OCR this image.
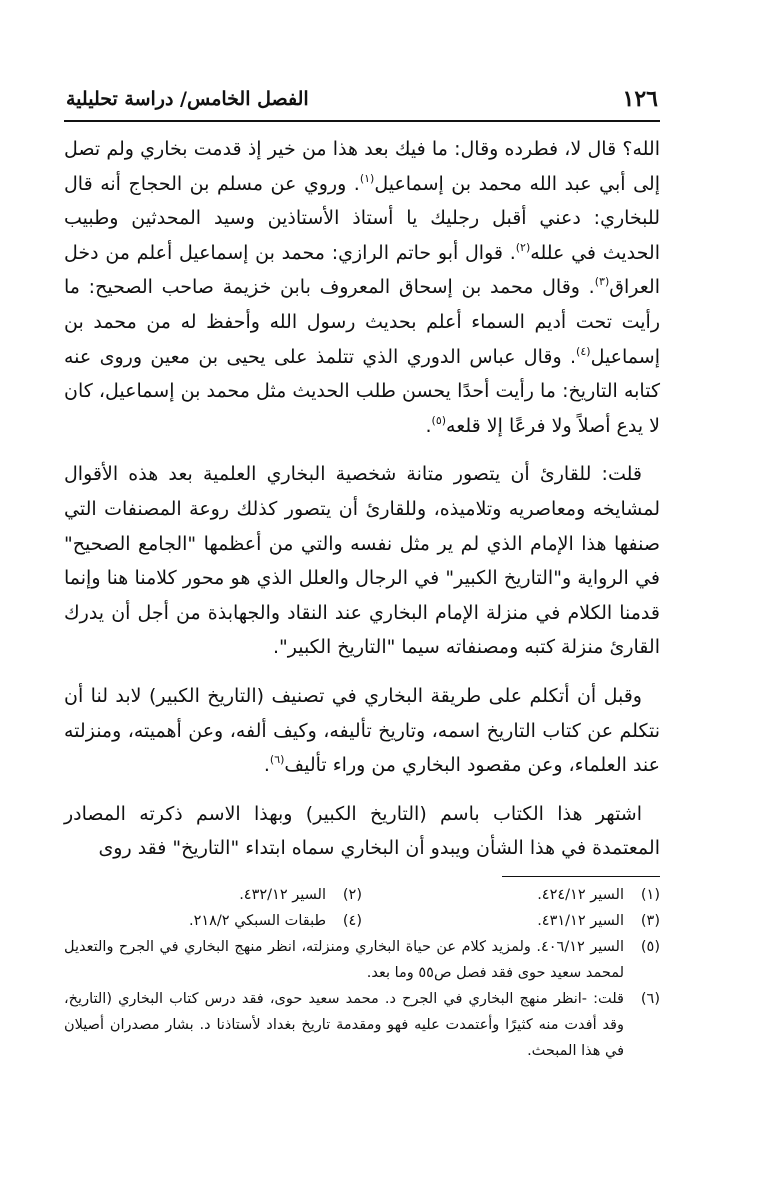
١٢٦
الفصل الخامس/ دراسة تحليلية

الله؟ قال لا، فطرده وقال: ما فيك بعد هذا من خير إذ قدمت بخاري ولم تصل إلى أبي عبد الله محمد بن إسماعيل$^{(١)}$. وروي عن مسلم بن الحجاج أنه قال للبخاري: دعني أقبل رجليك يا أستاذ الأستاذين وسيد المحدثين وطبيب الحديث في علله$^{(٢)}$. قوال أبو حاتم الرازي: محمد بن إسماعيل أعلم من دخل العراق$^{(٣)}$. وقال محمد بن إسحاق المعروف بابن خزيمة صاحب الصحيح: ما رأيت تحت أديم السماء أعلم بحديث رسول الله وأحفظ له من محمد بن إسماعيل$^{(٤)}$. وقال عباس الدوري الذي تتلمذ على يحيى بن معين وروى عنه كتابه التاريخ: ما رأيت أحدًا يحسن طلب الحديث مثل محمد بن إسماعيل، كان لا يدع أصلاً ولا فرعًا إلا قلعه$^{(٥)}$.

قلت: للقارئ أن يتصور متانة شخصية البخاري العلمية بعد هذه الأقوال لمشايخه ومعاصريه وتلاميذه، وللقارئ أن يتصور كذلك روعة المصنفات التي صنفها هذا الإمام الذي لم ير مثل نفسه والتي من أعظمها "الجامع الصحيح" في الرواية و"التاريخ الكبير" في الرجال والعلل الذي هو محور كلامنا هنا وإنما قدمنا الكلام في منزلة الإمام البخاري عند النقاد والجهابذة من أجل أن يدرك القارئ منزلة كتبه ومصنفاته سيما "التاريخ الكبير".

وقبل أن أتكلم على طريقة البخاري في تصنيف (التاريخ الكبير) لابد لنا أن نتكلم عن كتاب التاريخ اسمه، وتاريخ تأليفه، وكيف ألفه، وعن أهميته، ومنزلته عند العلماء، وعن مقصود البخاري من وراء تأليف$^{(٦)}$.

اشتهر هذا الكتاب باسم (التاريخ الكبير) وبهذا الاسم ذكرته المصادر المعتمدة في هذا الشأن ويبدو أن البخاري سماه ابتداء "التاريخ" فقد روى

(١)
السير ٤٢٤/١٢.
(٢)
السير ٤٣٢/١٢.
(٣)
السير ٤٣١/١٢.
(٤)
طبقات السبكي ٢١٨/٢.
(٥)
السير ٤٠٦/١٢. ولمزيد كلام عن حياة البخاري ومنزلته، انظر منهج البخاري في الجرح والتعديل لمحمد سعيد حوى فقد فصل ص٥٥ وما بعد.
(٦)
قلت: -انظر منهج البخاري في الجرح د. محمد سعيد حوى، فقد درس كتاب البخاري (التاريخ، وقد أفدت منه كثيرًا وأعتمدت عليه فهو ومقدمة تاريخ بغداد لأستاذنا د. بشار مصدران أصيلان في هذا المبحث.
